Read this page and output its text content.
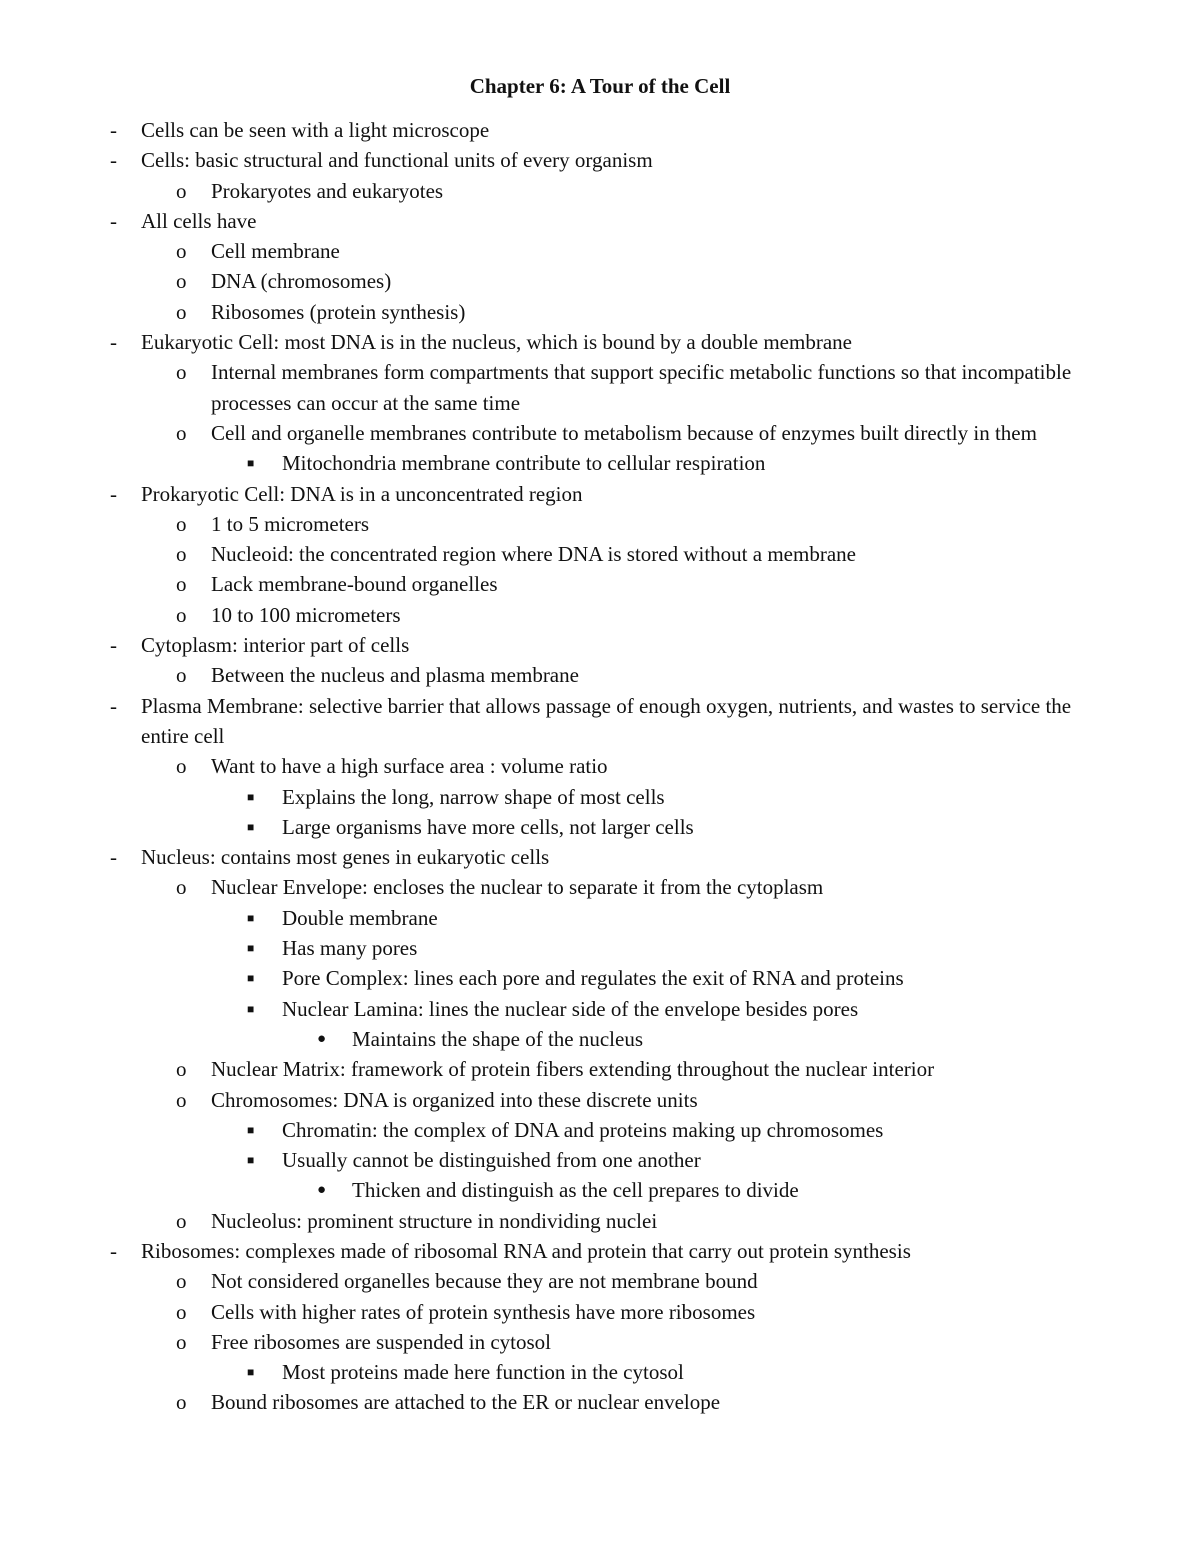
Chapter 6: A Tour of the Cell
- Cells can be seen with a light microscope
- Cells: basic structural and functional units of every organism
o Prokaryotes and eukaryotes
- All cells have
o Cell membrane
o DNA (chromosomes)
o Ribosomes (protein synthesis)
- Eukaryotic Cell: most DNA is in the nucleus, which is bound by a double membrane
o Internal membranes form compartments that support specific metabolic functions so that incompatible processes can occur at the same time
o Cell and organelle membranes contribute to metabolism because of enzymes built directly in them
■ Mitochondria membrane contribute to cellular respiration
- Prokaryotic Cell: DNA is in a unconcentrated region
o 1 to 5 micrometers
o Nucleoid: the concentrated region where DNA is stored without a membrane
o Lack membrane-bound organelles
o 10 to 100 micrometers
- Cytoplasm: interior part of cells
o Between the nucleus and plasma membrane
- Plasma Membrane: selective barrier that allows passage of enough oxygen, nutrients, and wastes to service the entire cell
o Want to have a high surface area : volume ratio
■ Explains the long, narrow shape of most cells
■ Large organisms have more cells, not larger cells
- Nucleus: contains most genes in eukaryotic cells
o Nuclear Envelope: encloses the nuclear to separate it from the cytoplasm
■ Double membrane
■ Has many pores
■ Pore Complex: lines each pore and regulates the exit of RNA and proteins
■ Nuclear Lamina: lines the nuclear side of the envelope besides pores
● Maintains the shape of the nucleus
o Nuclear Matrix: framework of protein fibers extending throughout the nuclear interior
o Chromosomes: DNA is organized into these discrete units
■ Chromatin: the complex of DNA and proteins making up chromosomes
■ Usually cannot be distinguished from one another
● Thicken and distinguish as the cell prepares to divide
o Nucleolus: prominent structure in nondividing nuclei
- Ribosomes: complexes made of ribosomal RNA and protein that carry out protein synthesis
o Not considered organelles because they are not membrane bound
o Cells with higher rates of protein synthesis have more ribosomes
o Free ribosomes are suspended in cytosol
■ Most proteins made here function in the cytosol
o Bound ribosomes are attached to the ER or nuclear envelope
